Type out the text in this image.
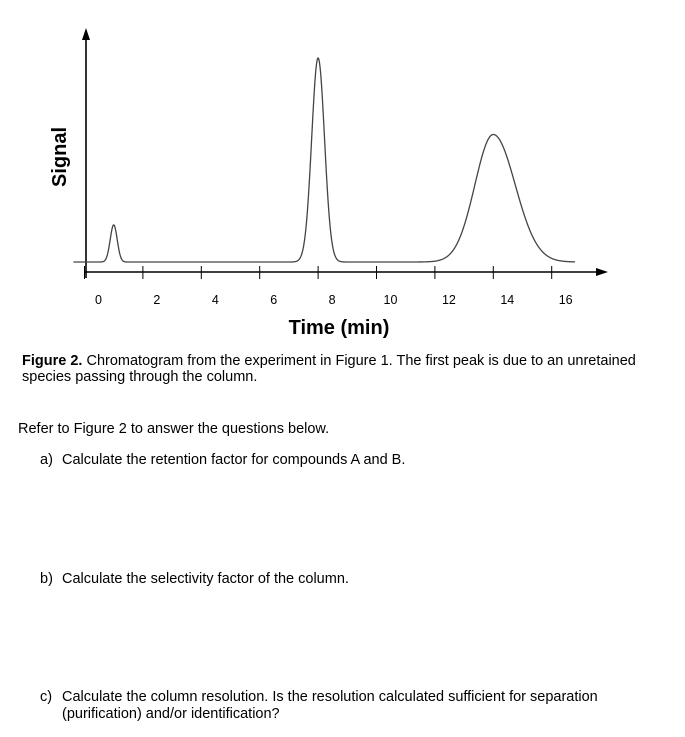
0	2	4	6	8	10	12	14	16
Signal
Time (min)
Figure 2. Chromatogram from the experiment in Figure 1. The first peak is due to an unretained species passing through the column.
Refer to Figure 2 to answer the questions below.
a) Calculate the retention factor for compounds A and B.
b) Calculate the selectivity factor of the column.
c) Calculate the column resolution. Is the resolution calculated sufficient for separation (purification) and/or identification?
